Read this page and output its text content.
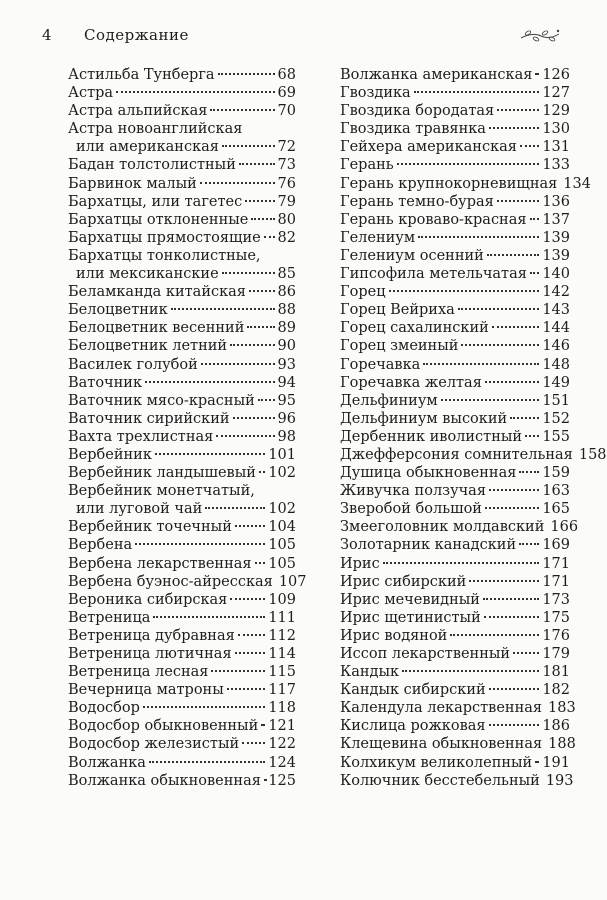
4 Содержание
Астильба Тунберга	68
Астра	69
Астра альпийская	70
Астра новоанглийская
или американская	72
Бадан толстолистный	73
Барвинок малый	76
Бархатцы, или тагетес 79
Бархатцы отклоненные 80
Бархатцы прямостоящие 82
Бархатцы тонколистные,
или мексиканские	85
Беламканда китайская 86
Белоцветник	88
Белоцветник весенний 89
Белоцветник летний	90
Василек голубой	93
Ваточник	94
Ваточник мясо-красный 95
Ваточник сирийский	96
Вахта трехлистная	98
Вербейник	101
Вербейник ландышевый 102
Вербейник монетчатый,
или луговой чай	102
Вербейник точечный	104
Вербена	105
Вербена лекарственная 105
Вербена буэнос-айресская 107
Вероника сибирская	109
Ветреница	111
Ветреница дубравная 112
Ветреница лютичная	114
Ветреница лесная	115
Вечерница матроны	117
Водосбор	118
Водосбор обыкновенный 121
Водосбор железистый 122
Волжанка	124
Волжанка обыкновенная 125
Волжанка американская 126
Гвоздика	127
Гвоздика бородатая	129
Гвоздика травянка	130
Гейхера американская 131
Герань	133
Герань крупнокорневищная 134
Герань темно-бурая	136
Герань кроваво-красная 137
Гелениум	139
Гелениум осенний	139
Гипсофила метельчатая 140
Горец	142
Горец Вейриха	143
Горец сахалинский	144
Горец змеиный	146
Горечавка	148
Горечавка желтая	149
Дельфиниум	151
Дельфиниум высокий 152
Дербенник иволистный 155
Джефферсония сомнительная 158
Душица обыкновенная 159
Живучка ползучая	163
Зверобой большой	165
Змееголовник молдавский 166
Золотарник канадский 169
Ирис	171
Ирис сибирский	171
Ирис мечевидный	173
Ирис щетинистый	175
Ирис водяной	176
Иссоп лекарственный 179
Кандык	181
Кандык сибирский	182
Календула лекарственная 183
Кислица рожковая	186
Клещевина обыкновенная 188
Колхикум великолепный 191
Колючник бесстебельный 193
